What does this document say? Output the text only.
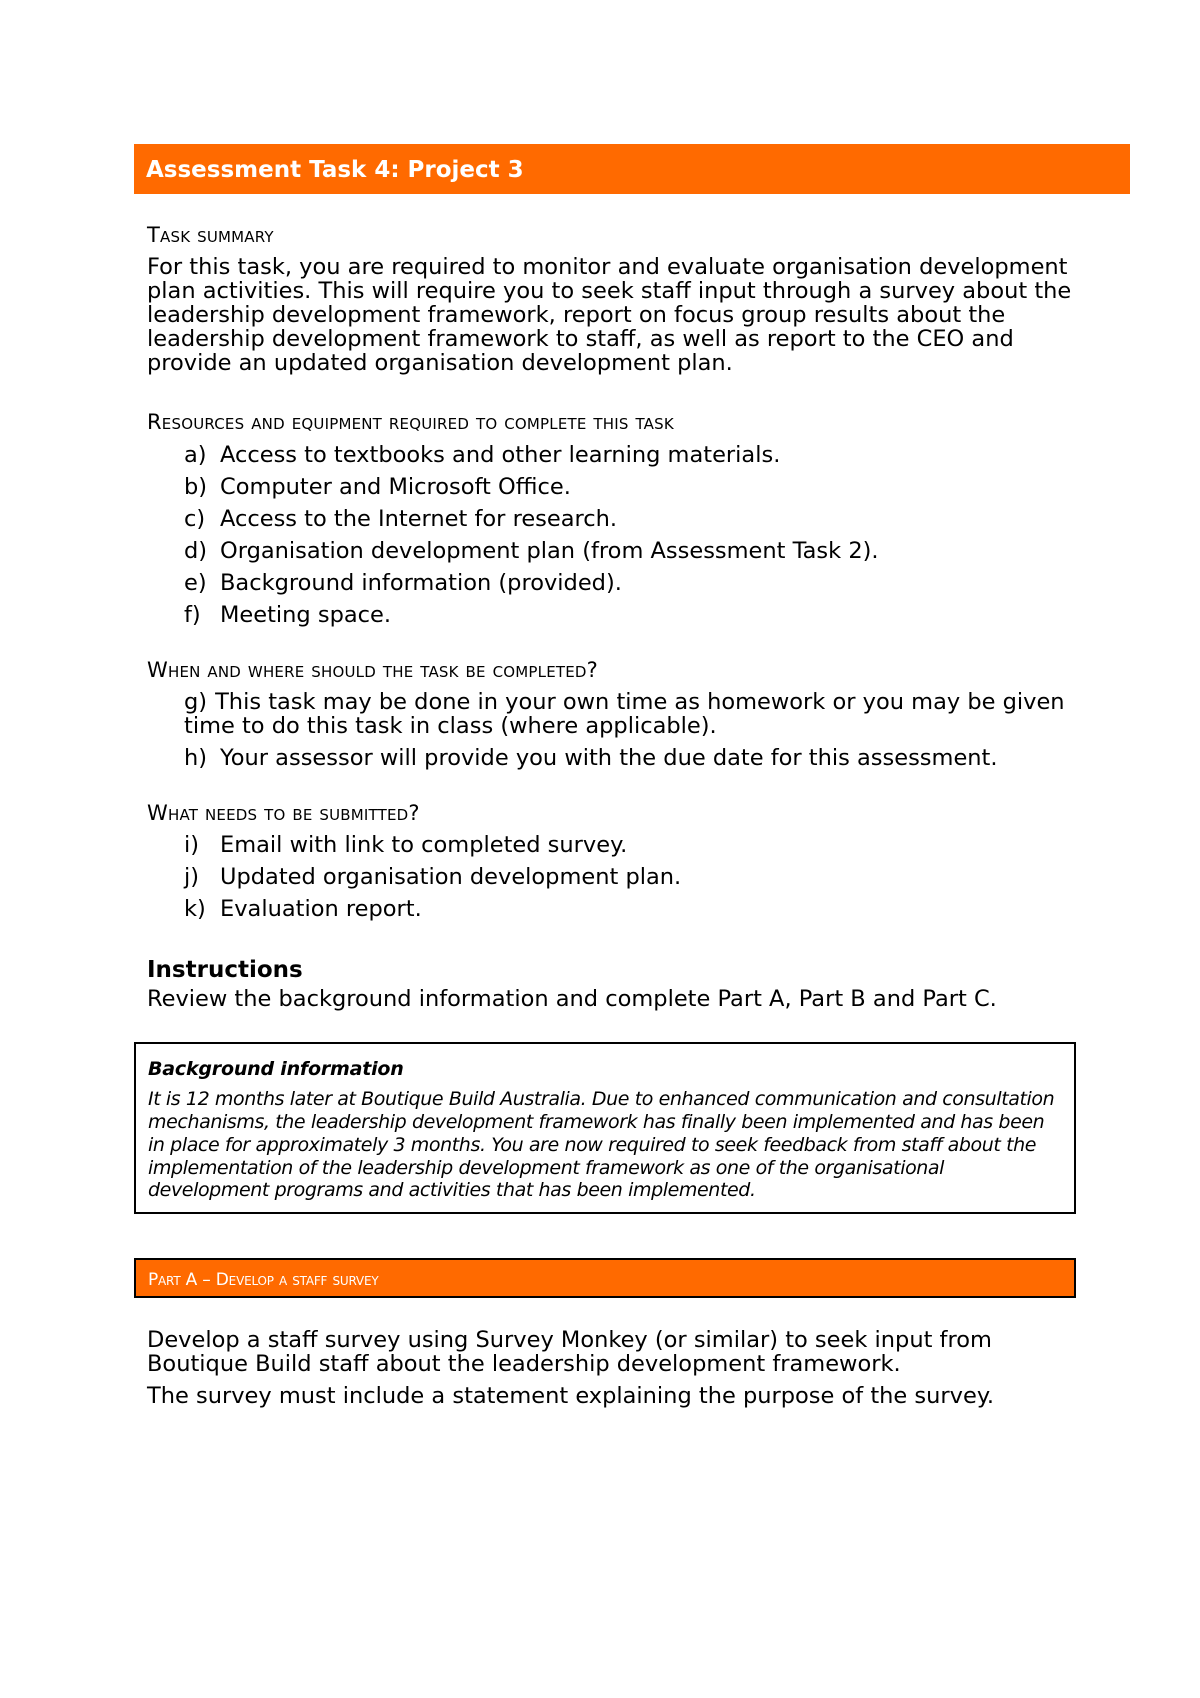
Assessment Task 4: Project 3
Task summary

For this task, you are required to monitor and evaluate organisation development plan activities. This will require you to seek staff input through a survey about the leadership development framework, report on focus group results about the leadership development framework to staff, as well as report to the CEO and provide an updated organisation development plan.

Resources and equipment required to complete this task
a) Access to textbooks and other learning materials.
b) Computer and Microsoft Office.
c) Access to the Internet for research.
d) Organisation development plan (from Assessment Task 2).
e) Background information (provided).
f) Meeting space.
When and where should the task be completed?
g) This task may be done in your own time as homework or you may be given time to do this task in class (where applicable).
h) Your assessor will provide you with the due date for this assessment.
What needs to be submitted?
i) Email with link to completed survey.
j) Updated organisation development plan.
k) Evaluation report.
Instructions

Review the background information and complete Part A, Part B and Part C.

Background information
It is 12 months later at Boutique Build Australia. Due to enhanced communication and consultation mechanisms, the leadership development framework has finally been implemented and has been in place for approximately 3 months. You are now required to seek feedback from staff about the implementation of the leadership development framework as one of the organisational development programs and activities that has been implemented.
Part A – Develop a staff survey

Develop a staff survey using Survey Monkey (or similar) to seek input from Boutique Build staff about the leadership development framework.

The survey must include a statement explaining the purpose of the survey.
